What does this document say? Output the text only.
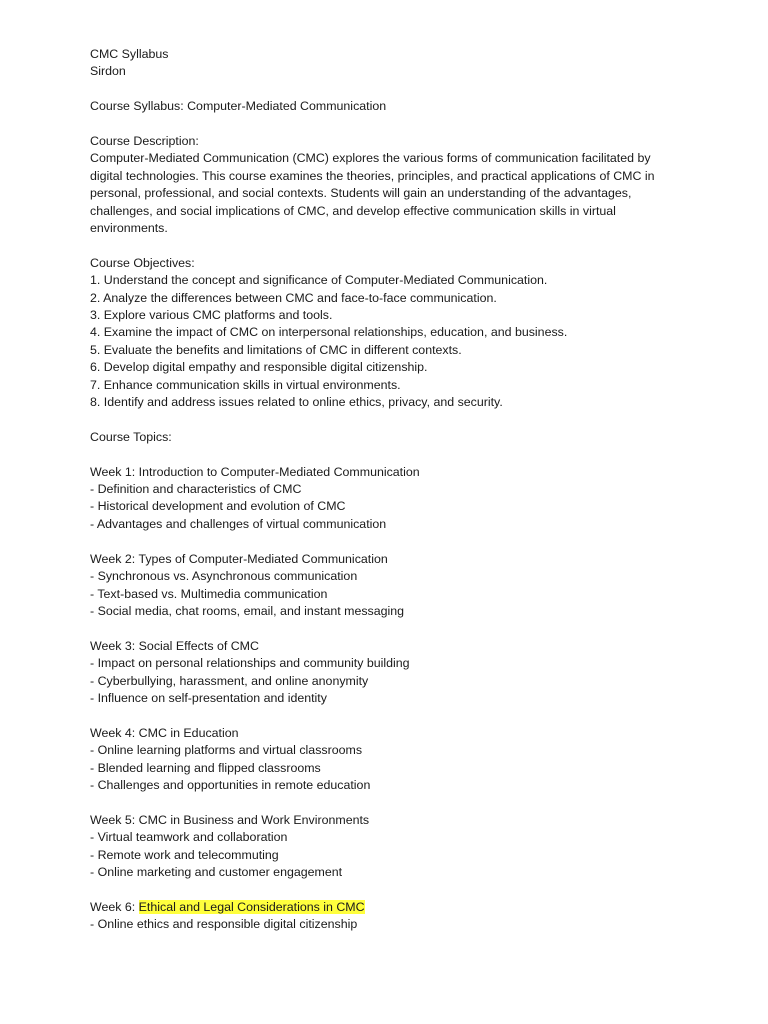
CMC Syllabus
Sirdon
Course Syllabus: Computer-Mediated Communication
Course Description:
Computer-Mediated Communication (CMC) explores the various forms of communication facilitated by
digital technologies. This course examines the theories, principles, and practical applications of CMC in
personal, professional, and social contexts. Students will gain an understanding of the advantages,
challenges, and social implications of CMC, and develop effective communication skills in virtual
environments.
Course Objectives:
1. Understand the concept and significance of Computer-Mediated Communication.
2. Analyze the differences between CMC and face-to-face communication.
3. Explore various CMC platforms and tools.
4. Examine the impact of CMC on interpersonal relationships, education, and business.
5. Evaluate the benefits and limitations of CMC in different contexts.
6. Develop digital empathy and responsible digital citizenship.
7. Enhance communication skills in virtual environments.
8. Identify and address issues related to online ethics, privacy, and security.
Course Topics:
Week 1: Introduction to Computer-Mediated Communication
- Definition and characteristics of CMC
- Historical development and evolution of CMC
- Advantages and challenges of virtual communication
Week 2: Types of Computer-Mediated Communication
- Synchronous vs. Asynchronous communication
- Text-based vs. Multimedia communication
- Social media, chat rooms, email, and instant messaging
Week 3: Social Effects of CMC
- Impact on personal relationships and community building
- Cyberbullying, harassment, and online anonymity
- Influence on self-presentation and identity
Week 4: CMC in Education
- Online learning platforms and virtual classrooms
- Blended learning and flipped classrooms
- Challenges and opportunities in remote education
Week 5: CMC in Business and Work Environments
- Virtual teamwork and collaboration
- Remote work and telecommuting
- Online marketing and customer engagement
Week 6: Ethical and Legal Considerations in CMC
- Online ethics and responsible digital citizenship
